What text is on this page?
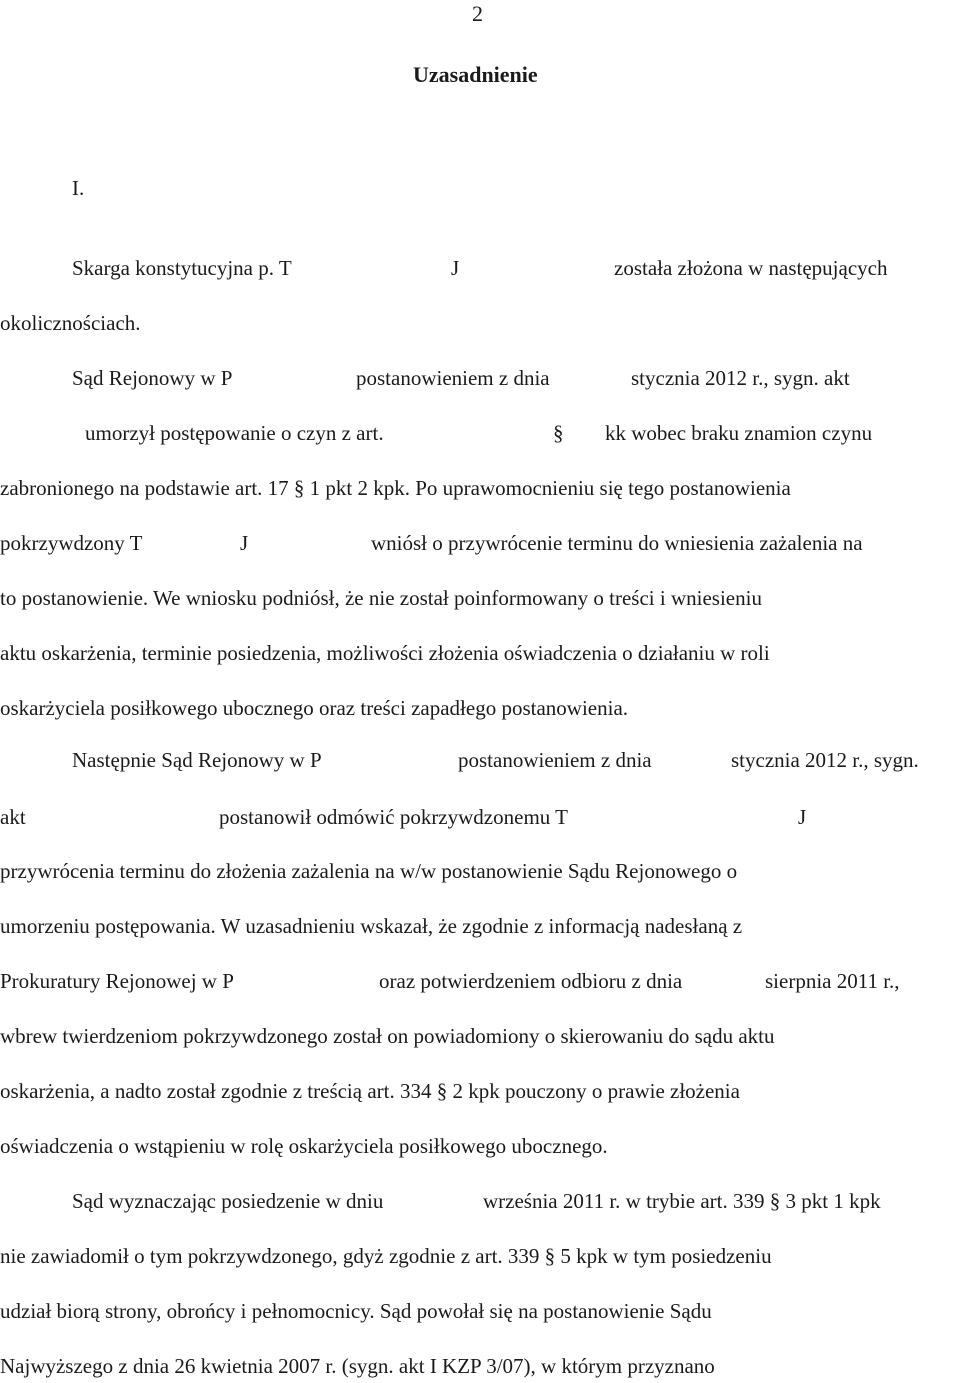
2
Uzasadnienie
I.
Skarga konstytucyjna p. T	J	została złożona w następujących
okolicznościach.
Sąd Rejonowy w P	postanowieniem z dnia	stycznia 2012 r., sygn. akt
umorzył postępowanie o czyn z art.	§ kk wobec braku znamion czynu
zabronionego na podstawie art. 17 § 1 pkt 2 kpk. Po uprawomocnieniu się tego postanowienia
pokrzywdzony T	J	wniósł o przywrócenie terminu do wniesienia zażalenia na
to postanowienie. We wniosku podniósł, że nie został poinformowany o treści i wniesieniu
aktu oskarżenia, terminie posiedzenia, możliwości złożenia oświadczenia o działaniu w roli
oskarżyciela posiłkowego ubocznego oraz treści zapadłego postanowienia.
Następnie Sąd Rejonowy w P	postanowieniem z dnia	stycznia 2012 r., sygn.
akt	postanowił odmówić pokrzywdzonemu T	J
przywrócenia terminu do złożenia zażalenia na w/w postanowienie Sądu Rejonowego o
umorzeniu postępowania. W uzasadnieniu wskazał, że zgodnie z informacją nadesłaną z
Prokuratury Rejonowej w P	oraz potwierdzeniem odbioru z dnia	sierpnia 2011 r.,
wbrew twierdzeniom pokrzywdzonego został on powiadomiony o skierowaniu do sądu aktu
oskarżenia, a nadto został zgodnie z treścią art. 334 § 2 kpk pouczony o prawie złożenia
oświadczenia o wstąpieniu w rolę oskarżyciela posiłkowego ubocznego.
Sąd wyznaczając posiedzenie w dniu	września 2011 r. w trybie art. 339 § 3 pkt 1 kpk
nie zawiadomił o tym pokrzywdzonego, gdyż zgodnie z art. 339 § 5 kpk w tym posiedzeniu
udział biorą strony, obrońcy i pełnomocnicy. Sąd powołał się na postanowienie Sądu
Najwyższego z dnia 26 kwietnia 2007 r. (sygn. akt I KZP 3/07), w którym przyznano
